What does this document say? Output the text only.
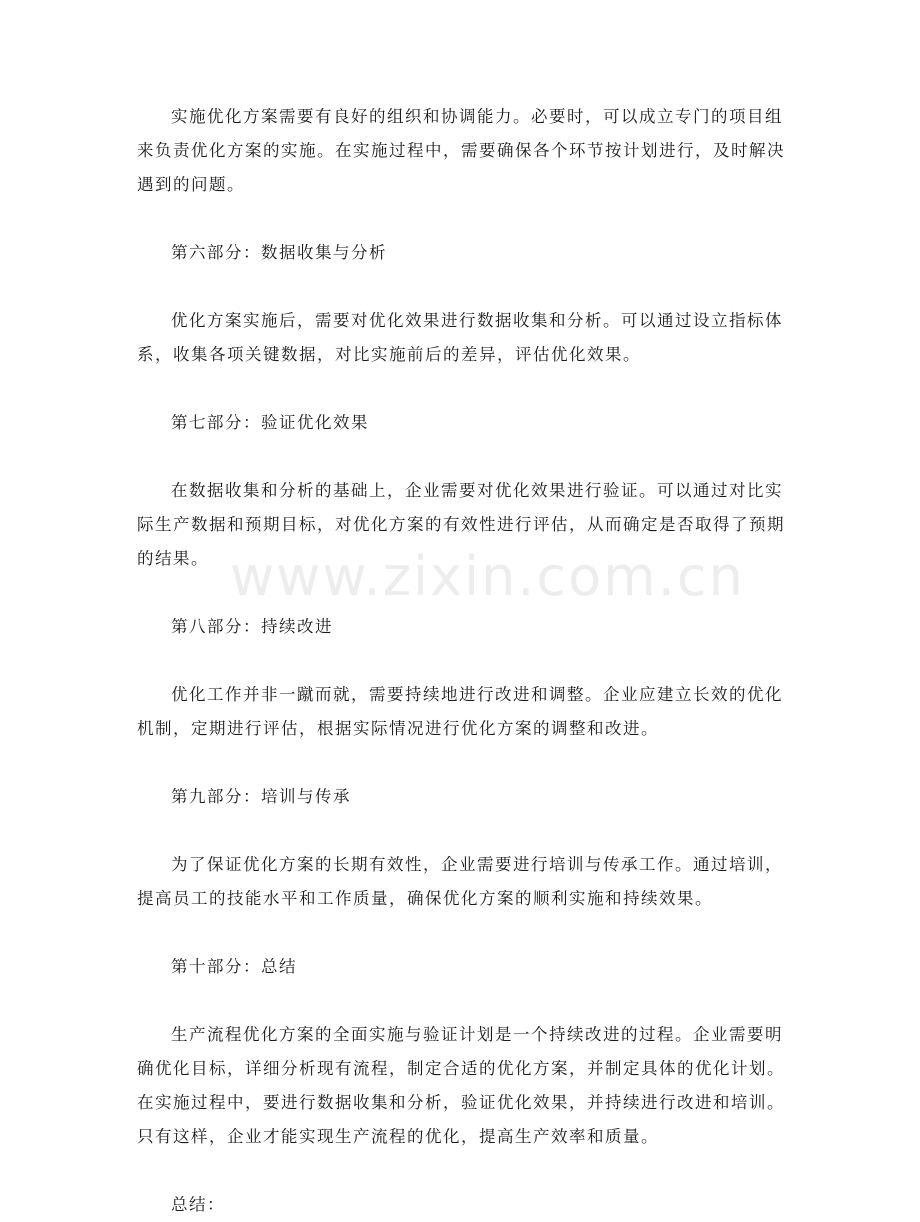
实施优化方案需要有良好的组织和协调能力。必要时，可以成立专门的项目组来负责优化方案的实施。在实施过程中，需要确保各个环节按计划进行，及时解决遇到的问题。

第六部分：数据收集与分析

优化方案实施后，需要对优化效果进行数据收集和分析。可以通过设立指标体系，收集各项关键数据，对比实施前后的差异，评估优化效果。

第七部分：验证优化效果

在数据收集和分析的基础上，企业需要对优化效果进行验证。可以通过对比实际生产数据和预期目标，对优化方案的有效性进行评估，从而确定是否取得了预期的结果。

第八部分：持续改进

优化工作并非一蹴而就，需要持续地进行改进和调整。企业应建立长效的优化机制，定期进行评估，根据实际情况进行优化方案的调整和改进。

第九部分：培训与传承

为了保证优化方案的长期有效性，企业需要进行培训与传承工作。通过培训，提高员工的技能水平和工作质量，确保优化方案的顺利实施和持续效果。

第十部分：总结

生产流程优化方案的全面实施与验证计划是一个持续改进的过程。企业需要明确优化目标，详细分析现有流程，制定合适的优化方案，并制定具体的优化计划。在实施过程中，要进行数据收集和分析，验证优化效果，并持续进行改进和培训。只有这样，企业才能实现生产流程的优化，提高生产效率和质量。

总结：

www.zixin.com.cn
